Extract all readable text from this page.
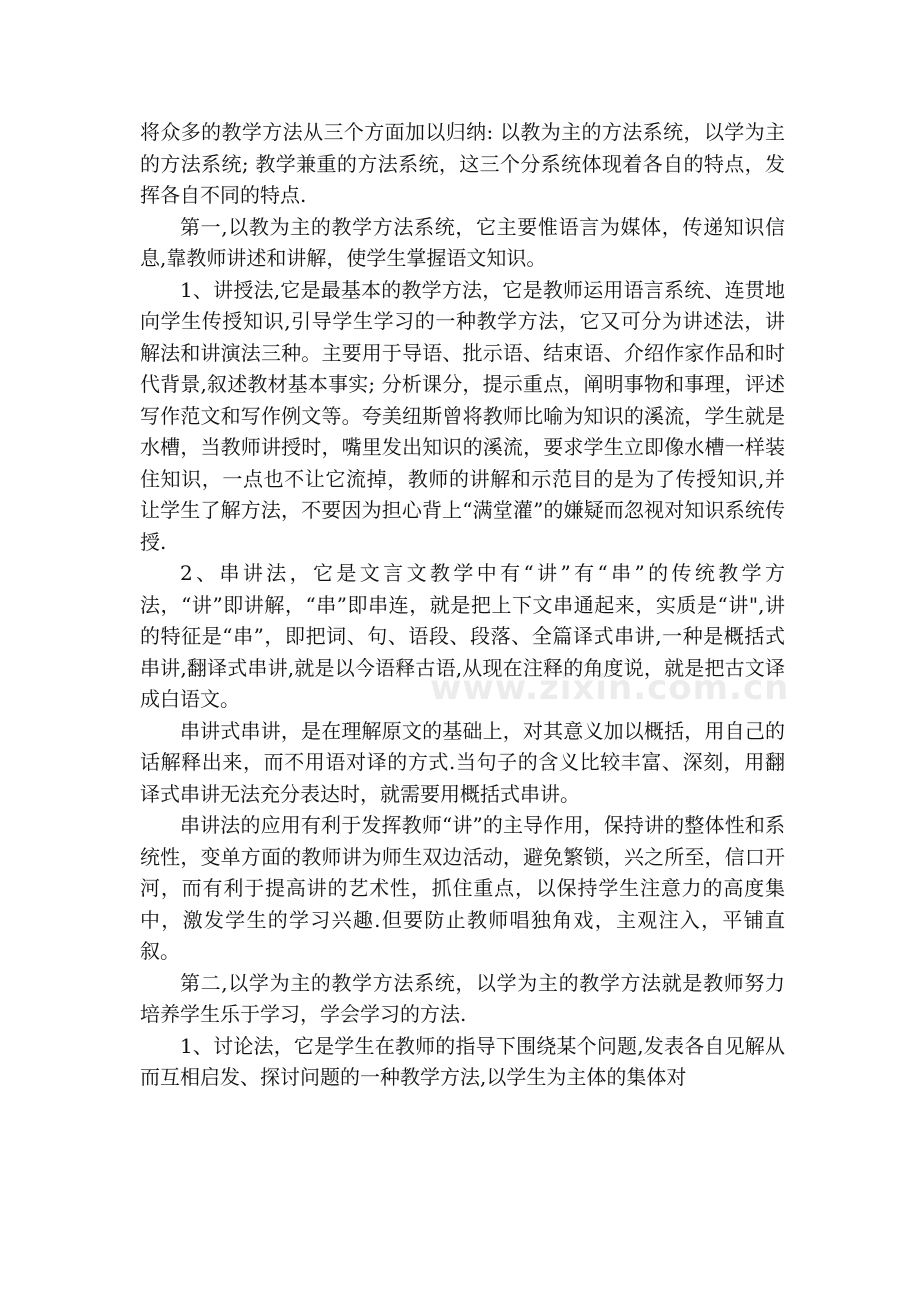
将众多的教学方法从三个方面加以归纳: 以教为主的方法系统，以学为主的方法系统; 教学兼重的方法系统，这三个分系统体现着各自的特点，发挥各自不同的特点.

第一,以教为主的教学方法系统，它主要惟语言为媒体，传递知识信息,靠教师讲述和讲解，使学生掌握语文知识。

1、讲授法,它是最基本的教学方法，它是教师运用语言系统、连贯地向学生传授知识,引导学生学习的一种教学方法，它又可分为讲述法，讲解法和讲演法三种。主要用于导语、批示语、结束语、介绍作家作品和时代背景,叙述教材基本事实; 分析课分，提示重点，阐明事物和事理，评述写作范文和写作例文等。夸美纽斯曾将教师比喻为知识的溪流，学生就是水槽，当教师讲授时，嘴里发出知识的溪流，要求学生立即像水槽一样装住知识，一点也不让它流掉，教师的讲解和示范目的是为了传授知识,并让学生了解方法，不要因为担心背上“满堂灌”的嫌疑而忽视对知识系统传授.

2、串讲法，它是文言文教学中有“讲”有“串”的传统教学方法，“讲”即讲解，“串”即串连，就是把上下文串通起来，实质是“讲",讲的特征是“串”，即把词、句、语段、段落、全篇译式串讲,一种是概括式串讲,翻译式串讲,就是以今语释古语,从现在注释的角度说，就是把古文译成白语文。

串讲式串讲，是在理解原文的基础上，对其意义加以概括，用自己的话解释出来，而不用语对译的方式.当句子的含义比较丰富、深刻，用翻译式串讲无法充分表达时，就需要用概括式串讲。

串讲法的应用有利于发挥教师“讲”的主导作用，保持讲的整体性和系统性，变单方面的教师讲为师生双边活动，避免繁锁，兴之所至，信口开河，而有利于提高讲的艺术性，抓住重点，以保持学生注意力的高度集中，激发学生的学习兴趣.但要防止教师唱独角戏，主观注入，平铺直叙。

第二,以学为主的教学方法系统，以学为主的教学方法就是教师努力培养学生乐于学习，学会学习的方法.

1、讨论法，它是学生在教师的指导下围绕某个问题,发表各自见解从而互相启发、探讨问题的一种教学方法,以学生为主体的集体对

www.zixin.com.cn
